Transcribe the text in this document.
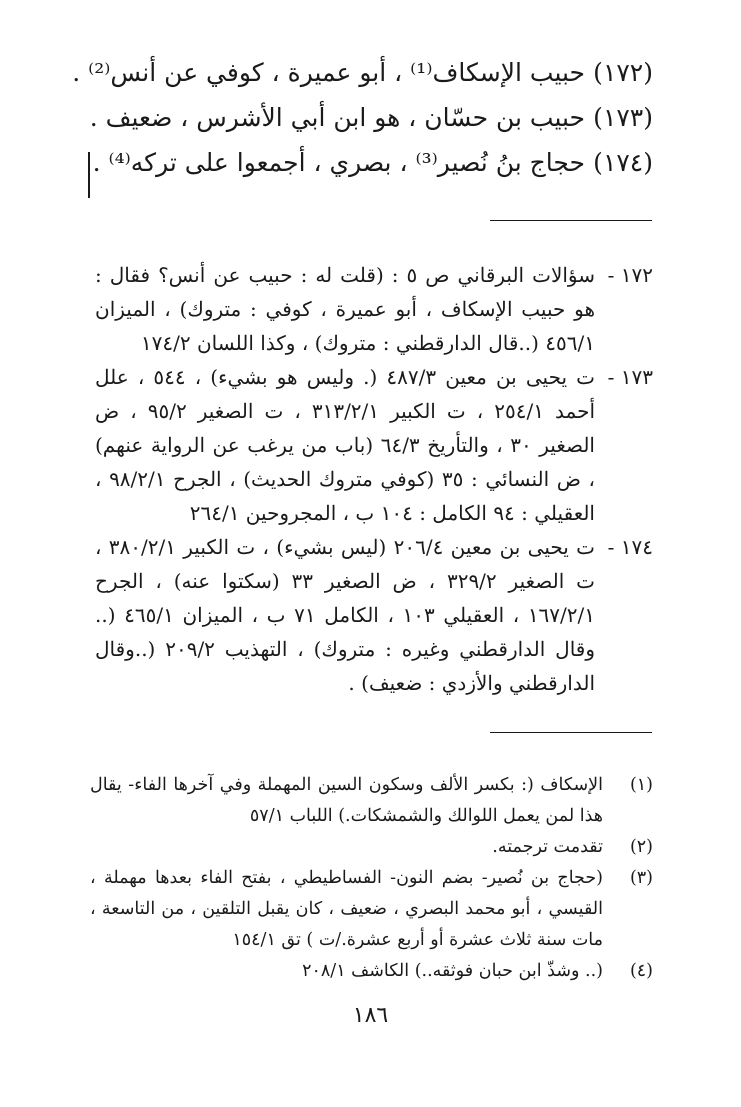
(١٧٢)
حبيب الإسكاف⁽¹⁾ ، أبو عميرة ، كوفي عن أنس⁽²⁾ .
(١٧٣)
حبيب بن حسّان ، هو ابن أبي الأشرس ، ضعيف .
(١٧٤)
حجاج بنُ نُصير⁽³⁾ ، بصري ، أجمعوا على تركه⁽⁴⁾ .
١٧٢ -
سؤالات البرقاني ص ٥ : (قلت له : حبيب عن أنس؟ فقال : هو حبيب الإسكاف ، أبو عميرة ، كوفي : متروك) ، الميزان ٤٥٦/١ (..قال الدارقطني : متروك) ، وكذا اللسان ١٧٤/٢
١٧٣ -
ت يحيى بن معين ٤٨٧/٣ (. وليس هو بشيء) ، ٥٤٤ ، علل أحمد ٢٥٤/١ ، ت الكبير ٣١٣/٢/١ ، ت الصغير ٩٥/٢ ، ض الصغير ٣٠ ، والتأريخ ٦٤/٣ (باب من يرغب عن الرواية عنهم) ، ض النسائي : ٣٥ (كوفي متروك الحديث) ، الجرح ٩٨/٢/١ ، العقيلي : ٩٤ الكامل : ١٠٤ ب ، المجروحين ٢٦٤/١
١٧٤ -
ت يحيى بن معين ٢٠٦/٤ (ليس بشيء) ، ت الكبير ٣٨٠/٢/١ ، ت الصغير ٣٢٩/٢ ، ض الصغير ٣٣ (سكتوا عنه) ، الجرح ١٦٧/٢/١ ، العقيلي ١٠٣ ، الكامل ٧١ ب ، الميزان ٤٦٥/١ (.. وقال الدارقطني وغيره : متروك) ، التهذيب ٢٠٩/٢ (..وقال الدارقطني والأزدي : ضعيف) .
(١)
الإسكاف (: بكسر الألف وسكون السين المهملة وفي آخرها الفاء- يقال هذا لمن يعمل اللوالك والشمشكات.) اللباب ٥٧/١
(٢)
تقدمت ترجمته.
(٣)
(حجاج بن نُصير- بضم النون- الفساطيطي ، بفتح الفاء بعدها مهملة ، القيسي ، أبو محمد البصري ، ضعيف ، كان يقبل التلقين ، من التاسعة ، مات سنة ثلاث عشرة أو أربع عشرة./ت ) تق ١٥٤/١
(٤)
(.. وشذّ ابن حبان فوثقه..) الكاشف ٢٠٨/١
١٨٦
